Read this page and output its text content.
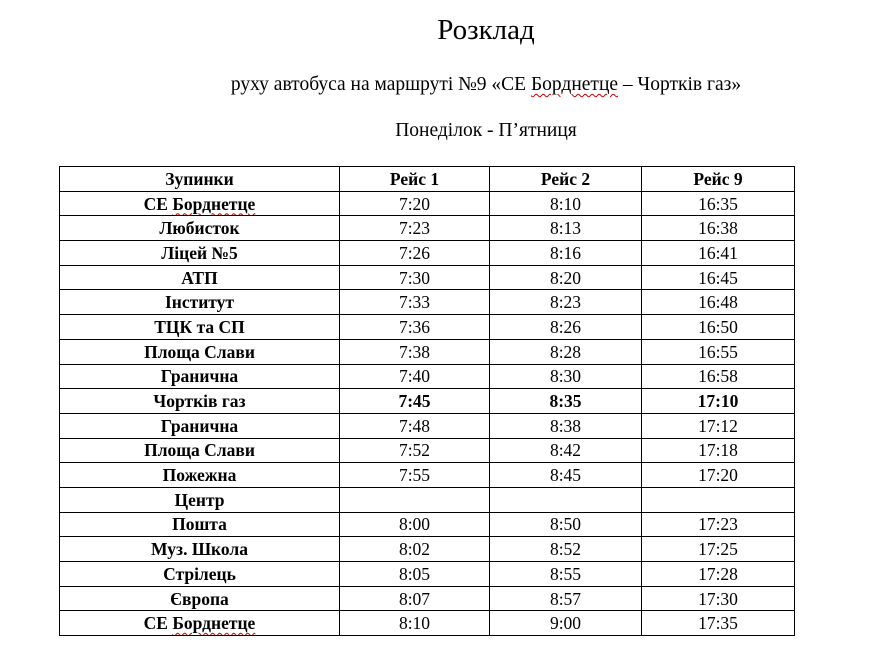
Розклад

руху автобуса на маршруті №9 «СЕ Борднетце – Чортків газ»

Понеділок - П’ятниця

Зупинки	Рейс 1	Рейс 2	Рейс 9
СЕ Борднетце	7:20	8:10	16:35
Любисток	7:23	8:13	16:38
Ліцей №5	7:26	8:16	16:41
АТП	7:30	8:20	16:45
Інститут	7:33	8:23	16:48
ТЦК та СП	7:36	8:26	16:50
Площа Слави	7:38	8:28	16:55
Гранична	7:40	8:30	16:58
Чортків газ	7:45	8:35	17:10
Гранична	7:48	8:38	17:12
Площа Слави	7:52	8:42	17:18
Пожежна	7:55	8:45	17:20
Центр			
Пошта	8:00	8:50	17:23
Муз. Школа	8:02	8:52	17:25
Стрілець	8:05	8:55	17:28
Європа	8:07	8:57	17:30
СЕ Борднетце	8:10	9:00	17:35
